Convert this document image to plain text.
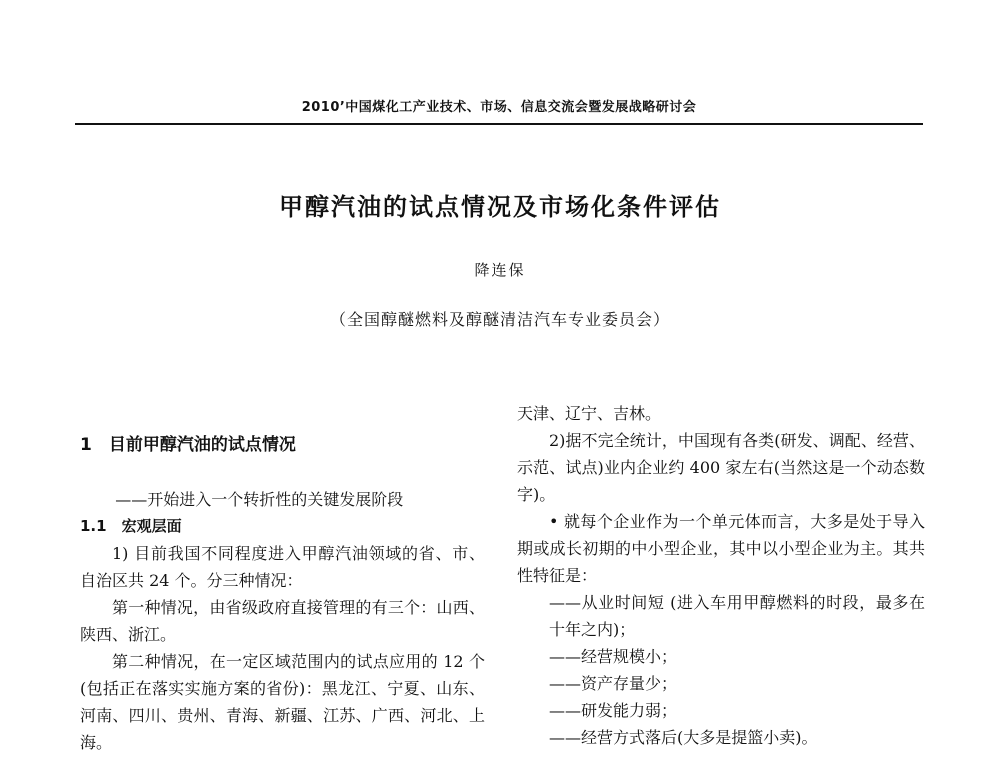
2010’中国煤化工产业技术、市场、信息交流会暨发展战略研讨会
甲醇汽油的试点情况及市场化条件评估
降连保
（全国醇醚燃料及醇醚清洁汽车专业委员会）

1　目前甲醇汽油的试点情况

——开始进入一个转折性的关键发展阶段

1.1　宏观层面

1) 目前我国不同程度进入甲醇汽油领域的省、市、自治区共 24 个。分三种情况：

第一种情况，由省级政府直接管理的有三个：山西、陕西、浙江。

第二种情况，在一定区域范围内的试点应用的 12 个(包括正在落实实施方案的省份)：黑龙江、宁夏、山东、河南、四川、贵州、青海、新疆、江苏、广西、河北、上海。

天津、辽宁、吉林。

2)据不完全统计，中国现有各类(研发、调配、经营、示范、试点)业内企业约 400 家左右(当然这是一个动态数字)。

• 就每个企业作为一个单元体而言，大多是处于导入期或成长初期的中小型企业，其中以小型企业为主。其共性特征是：

——从业时间短 (进入车用甲醇燃料的时段，最多在十年之内)；

——经营规模小；

——资产存量少；

——研发能力弱；

——经营方式落后(大多是提篮小卖)。
